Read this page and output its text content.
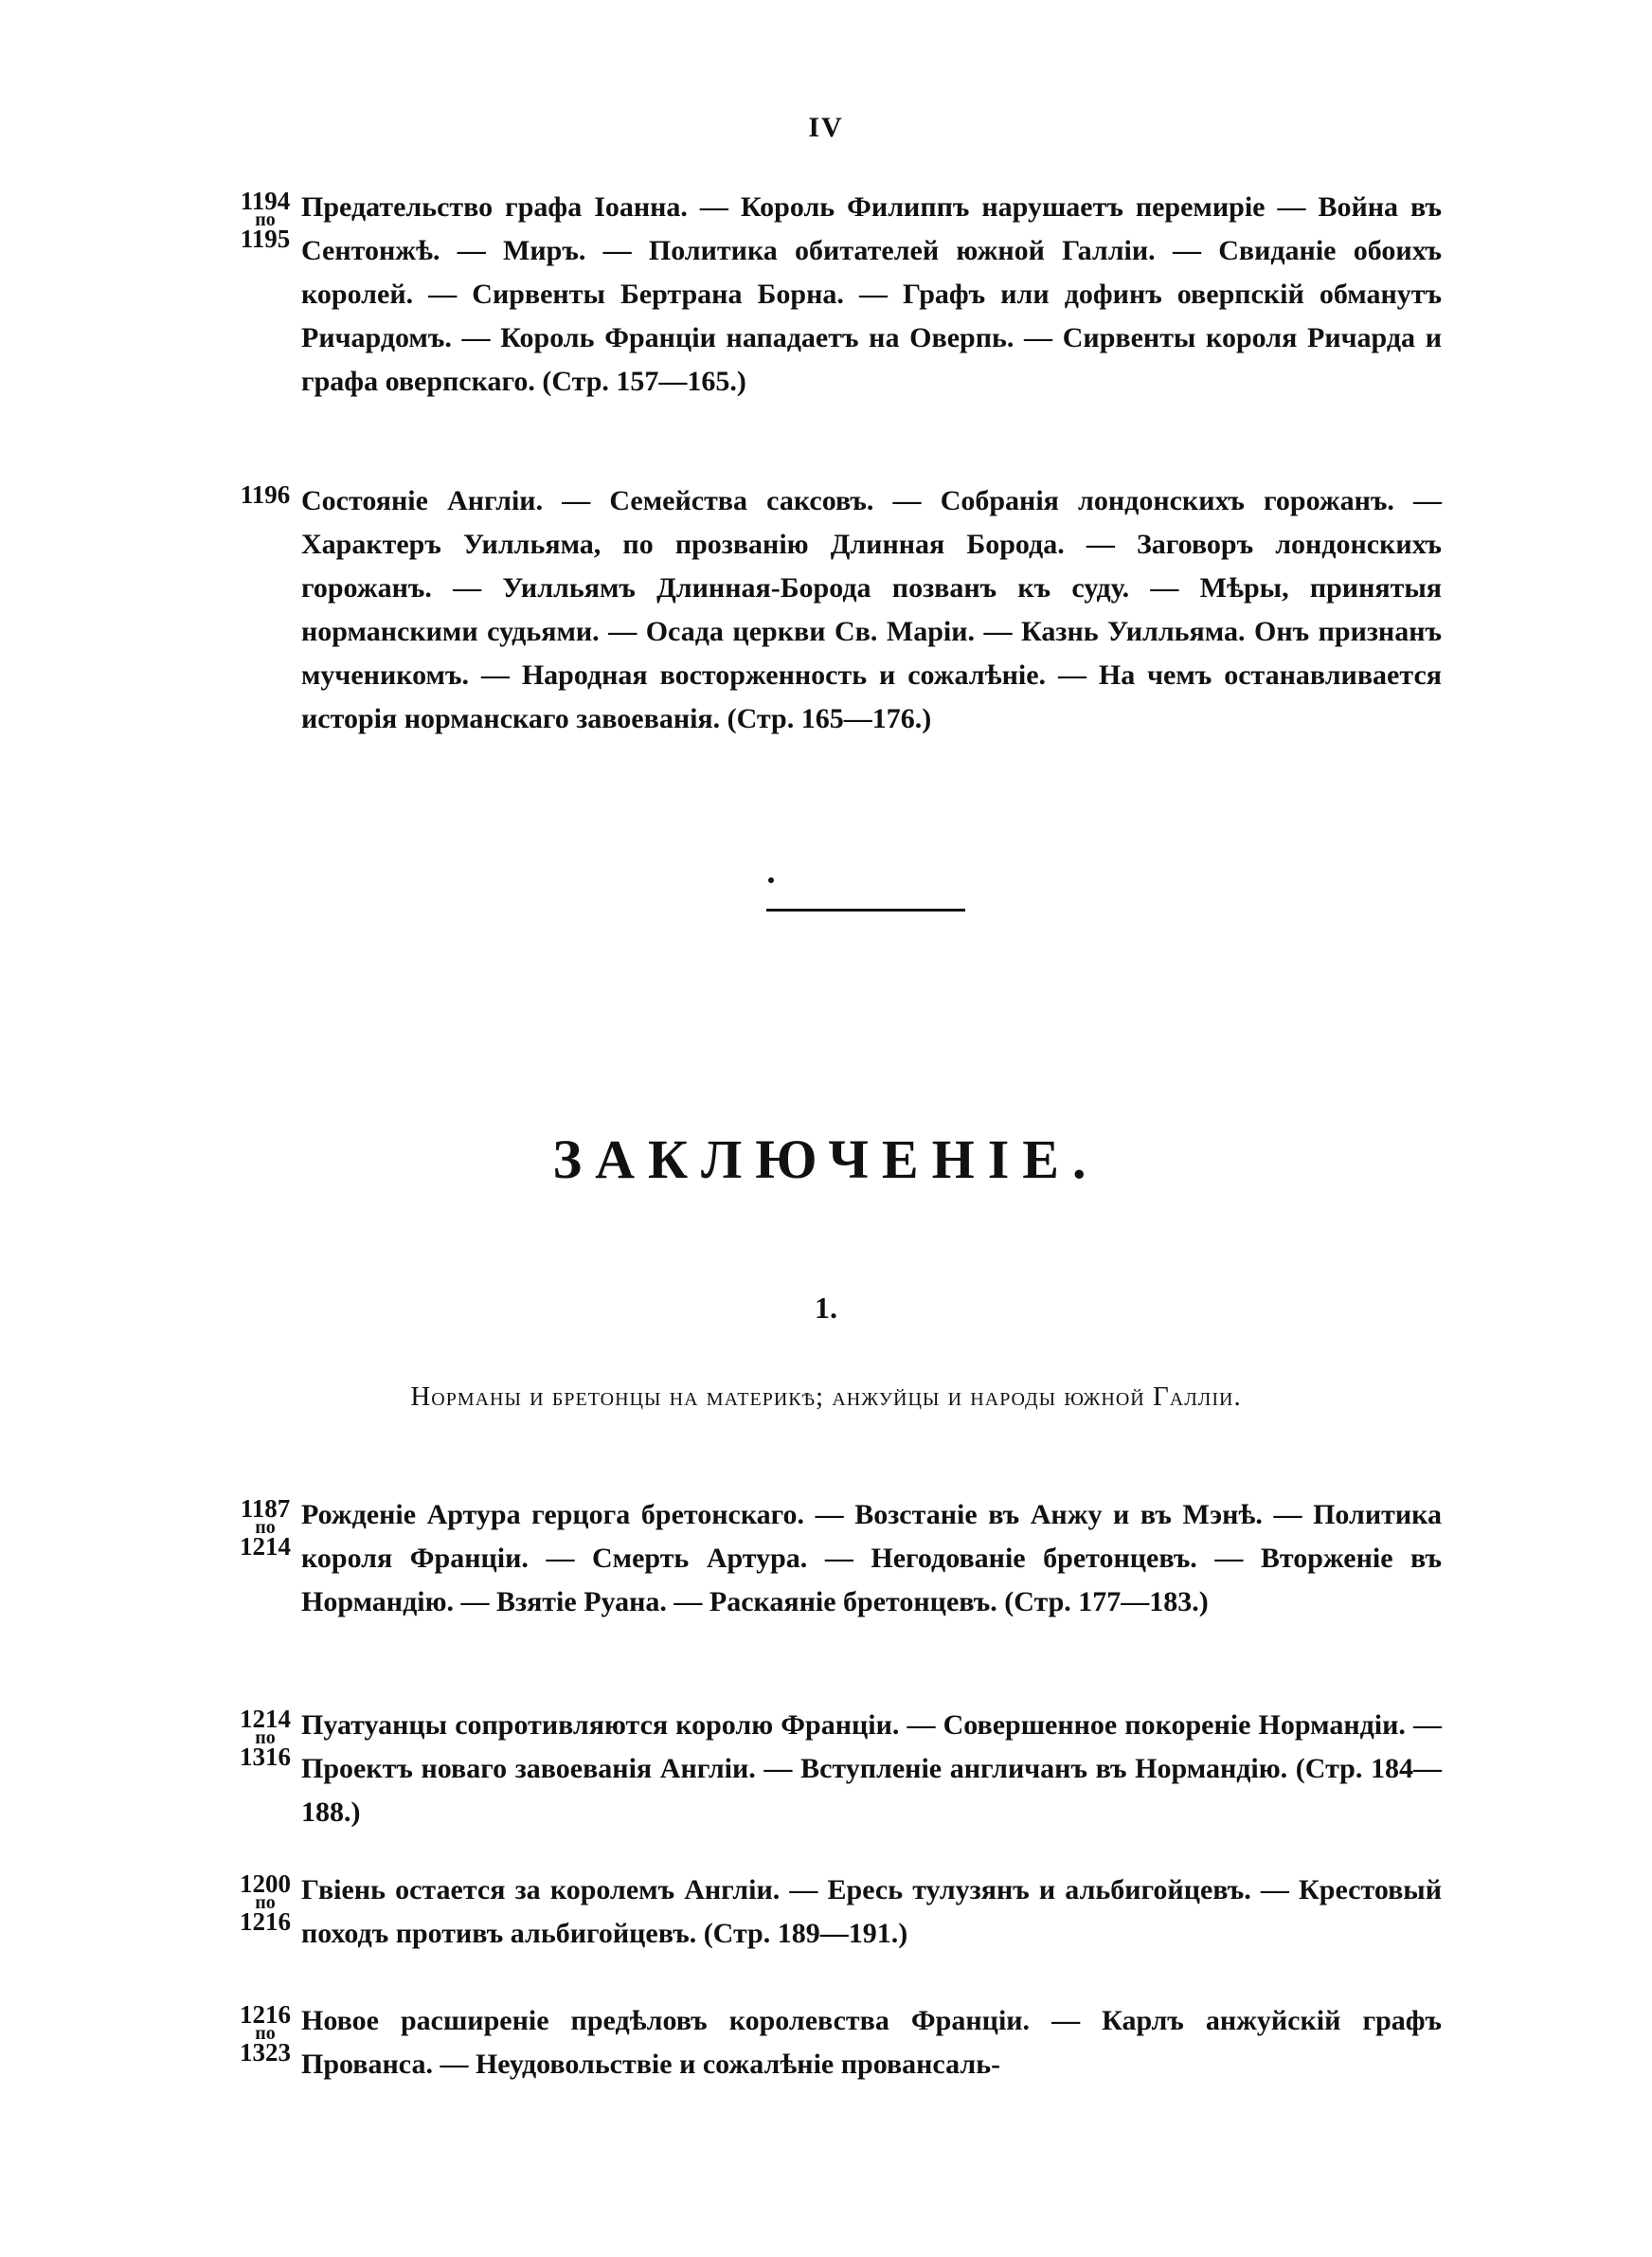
IV
1194
по
1195

Предательство графа Іоанна. — Король Филиппъ нарушаетъ перемиріе — Война въ Сентонжѣ. — Миръ. — Политика обитателей южной Галліи. — Свиданіе обоихъ королей. — Сирвенты Бертрана Борна. — Графъ или дофинъ оверпскій обманутъ Ричардомъ. — Король Франціи нападаетъ на Оверпь. — Сирвенты короля Ричарда и графа оверпскаго. (Стр. 157—165.)

1196 Состояніе Англіи. — Семейства саксовъ. — Собранія лондонскихъ горожанъ. — Характеръ Уилльяма, по прозванію Длинная Борода. — Заговоръ лондонскихъ горожанъ. — Уилльямъ Длинная-Борода позванъ къ суду. — Мѣры, принятыя норманскими судьями. — Осада церкви Св. Маріи. — Казнь Уилльяма. Онъ признанъ мученикомъ. — Народная восторженность и сожалѣніе. — На чемъ останавливается исторія норманскаго завоеванія. (Стр. 165—176.)

ЗАКЛЮЧЕНІЕ.
1.
Норманы и бретонцы на материкѣ; анжуйцы и народы южной Галліи.
1187
по
1214

Рожденіе Артура герцога бретонскаго. — Возстаніе въ Анжу и въ Мэнѣ. — Политика короля Франціи. — Смерть Артура. — Негодованіе бретонцевъ. — Вторженіе въ Нормандію. — Взятіе Руана. — Раскаяніе бретонцевъ. (Стр. 177—183.)

1214
по
1316

Пуатуанцы сопротивляются королю Франціи. — Совершенное покореніе Нормандіи. — Проектъ новаго завоеванія Англіи. — Вступленіе англичанъ въ Нормандію. (Стр. 184—188.)

1200
по
1216

Гвіень остается за королемъ Англіи. — Ересь тулузянъ и альбигойцевъ. — Крестовый походъ противъ альбигойцевъ. (Стр. 189—191.)

1216
по
1323

Новое расширеніе предѣловъ королевства Франціи. — Карлъ анжуйскій графъ Прованса. — Неудовольствіе и сожалѣніе провансаль-
